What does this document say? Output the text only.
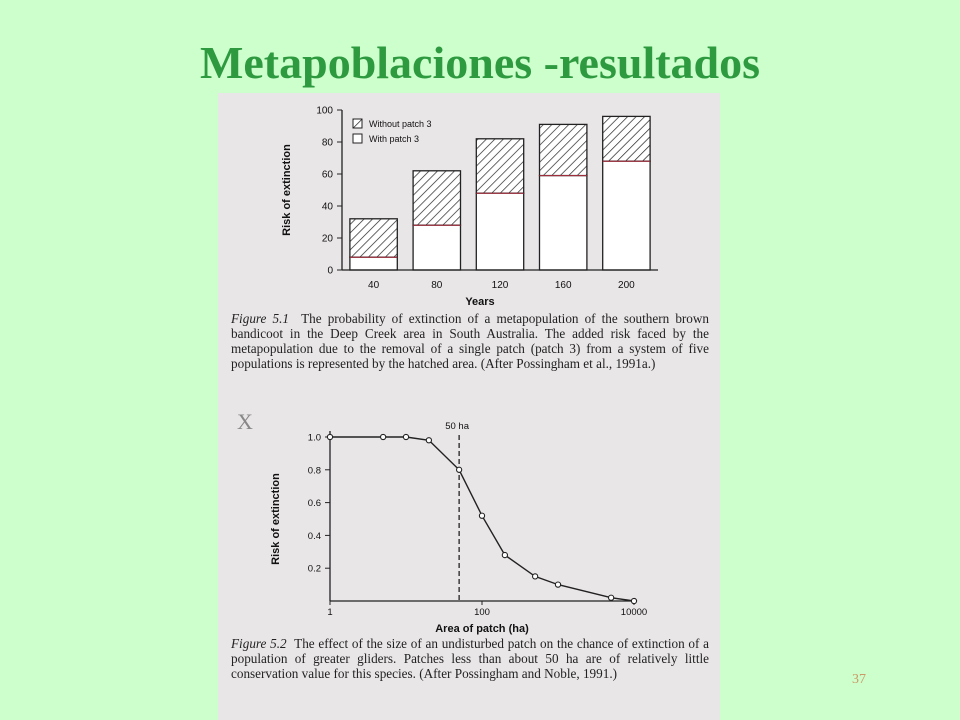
Metapoblaciones -resultados
40	80	120	160	200
0
20
40
60
80
100
Years
Risk of extinction
Without patch 3
With patch 3
Figure 5.1 The probability of extinction of a metapopulation of the southern brown bandicoot in the Deep Creek area in South Australia. The added risk faced by the metapopulation due to the removal of a single patch (patch 3) from a system of five populations is represented by the hatched area. (After Possingham et al., 1991a.)
X
0.2
0.4
0.6
0.8
1.0
1	100	10000
Area of patch (ha)
Risk of extinction
50 ha
Figure 5.2 The effect of the size of an undisturbed patch on the chance of extinction of a population of greater gliders. Patches less than about 50 ha are of relatively little conservation value for this species. (After Possingham and Noble, 1991.)	37
